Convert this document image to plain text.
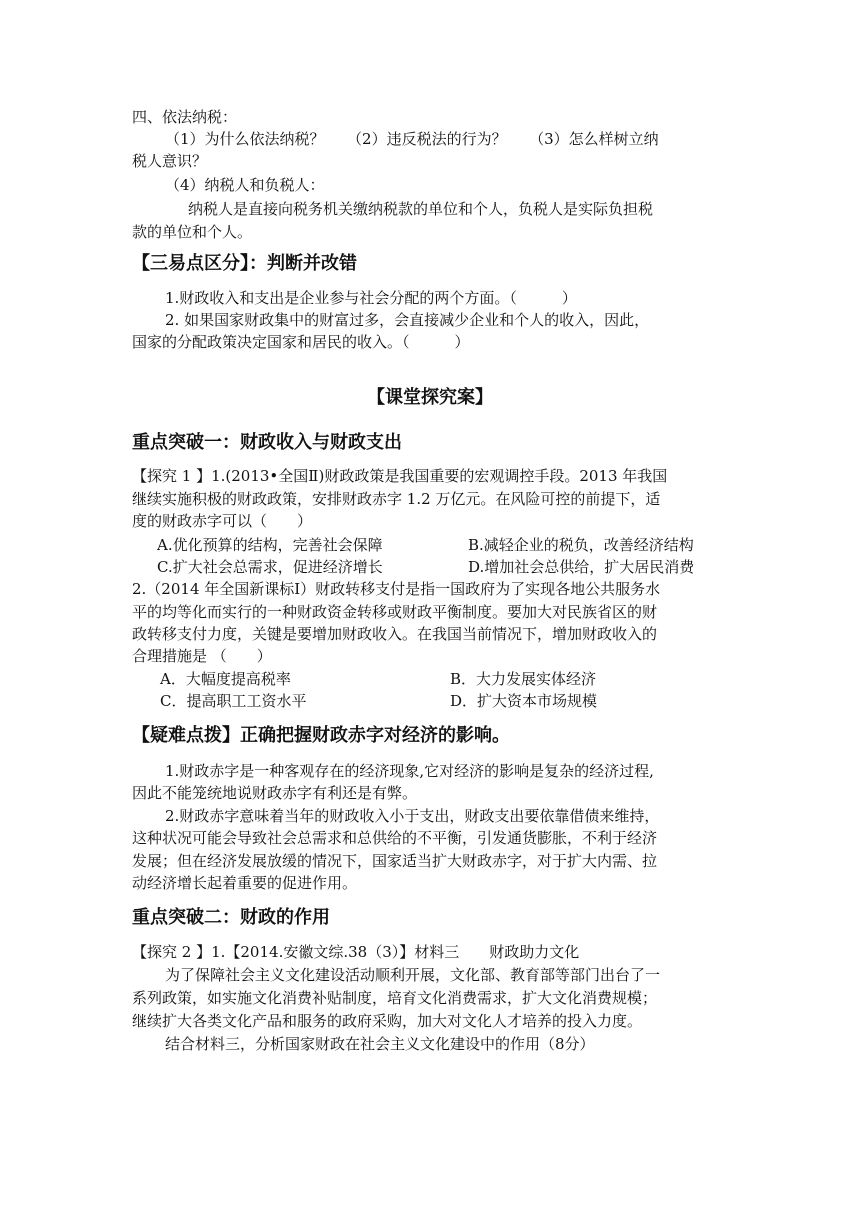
四、依法纳税：
（1）为什么依法纳税？　　（2）违反税法的行为？　　（3）怎么样树立纳
税人意识？
（4）纳税人和负税人：
纳税人是直接向税务机关缴纳税款的单位和个人，负税人是实际负担税
款的单位和个人。
【三易点区分】：判断并改错
1.财政收入和支出是企业参与社会分配的两个方面。（　　　）
2. 如果国家财政集中的财富过多，会直接减少企业和个人的收入，因此，
国家的分配政策决定国家和居民的收入。（　　　）
【课堂探究案】
重点突破一：财政收入与财政支出
【探究 1 】1.(2013•全国Ⅱ)财政政策是我国重要的宏观调控手段。2013 年我国
继续实施积极的财政政策，安排财政赤字 1.2 万亿元。在风险可控的前提下，适
度的财政赤字可以（　　）
A.优化预算的结构，完善社会保障	B.减轻企业的税负，改善经济结构
C.扩大社会总需求，促进经济增长	D.增加社会总供给，扩大居民消费
2.（2014 年全国新课标Ⅰ）财政转移支付是指一国政府为了实现各地公共服务水
平的均等化而实行的一种财政资金转移或财政平衡制度。要加大对民族省区的财
政转移支付力度，关键是要增加财政收入。在我国当前情况下，增加财政收入的
合理措施是 （　　）
A．大幅度提高税率	B．大力发展实体经济
C．提高职工工资水平	D．扩大资本市场规模
【疑难点拨】正确把握财政赤字对经济的影响。
1.财政赤字是一种客观存在的经济现象,它对经济的影响是复杂的经济过程,
因此不能笼统地说财政赤字有利还是有弊。
2.财政赤字意味着当年的财政收入小于支出，财政支出要依靠借债来维持，
这种状况可能会导致社会总需求和总供给的不平衡，引发通货膨胀，不利于经济
发展；但在经济发展放缓的情况下，国家适当扩大财政赤字，对于扩大内需、拉
动经济增长起着重要的促进作用。
重点突破二：财政的作用
【探究 2 】1.【2014.安徽文综.38（3）】材料三　　财政助力文化
为了保障社会主义文化建设活动顺利开展，文化部、教育部等部门出台了一
系列政策，如实施文化消费补贴制度，培育文化消费需求，扩大文化消费规模；
继续扩大各类文化产品和服务的政府采购，加大对文化人才培养的投入力度。
结合材料三，分析国家财政在社会主义文化建设中的作用（8分）
